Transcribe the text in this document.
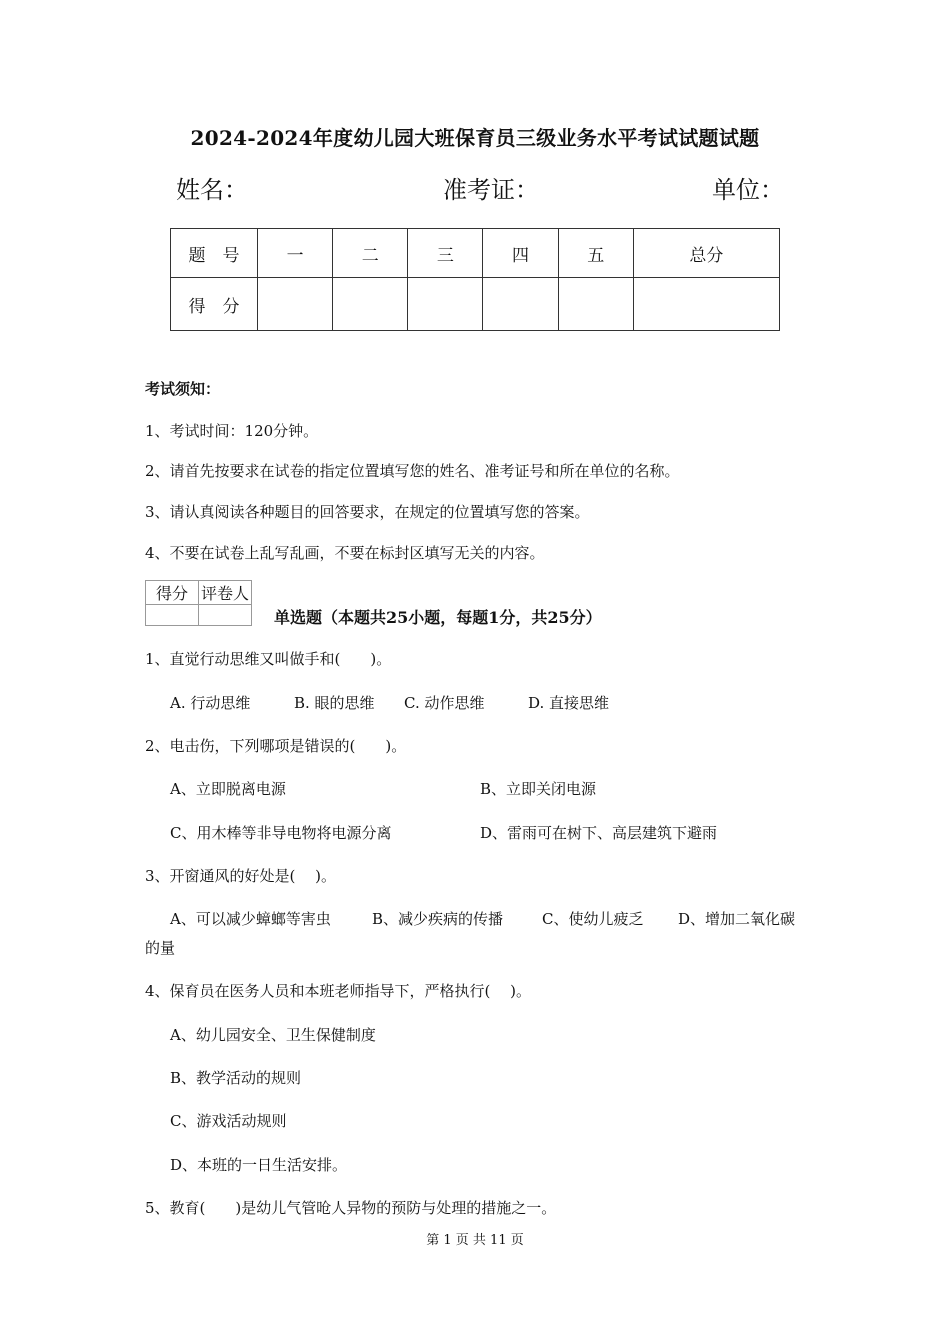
2024-2024年度幼儿园大班保育员三级业务水平考试试题试题
姓名：	准考证：	单位：
题　号	一	二	三	四	五	总分
得　分						
考试须知：
1、考试时间：120分钟。
2、请首先按要求在试卷的指定位置填写您的姓名、准考证号和所在单位的名称。
3、请认真阅读各种题目的回答要求，在规定的位置填写您的答案。
4、不要在试卷上乱写乱画，不要在标封区填写无关的内容。
得分	评卷人

单选题（本题共25小题，每题1分，共25分）
1、直觉行动思维又叫做手和(　　)。
A. 行动思维	B. 眼的思维 C. 动作思维	D. 直接思维
2、电击伤，下列哪项是错误的(　　)。
A、立即脱离电源	B、立即关闭电源
C、用木棒等非导电物将电源分离	D、雷雨可在树下、高层建筑下避雨
3、开窗通风的好处是(　 )。
A、可以减少蟑螂等害虫	B、减少疾病的传播	C、使幼儿疲乏 D、增加二氧化碳
的量
4、保育员在医务人员和本班老师指导下，严格执行(　 )。
A、幼儿园安全、卫生保健制度
B、教学活动的规则
C、游戏活动规则
D、本班的一日生活安排。
5、教育(　　)是幼儿气管呛人异物的预防与处理的措施之一。
第 1 页 共 11 页
